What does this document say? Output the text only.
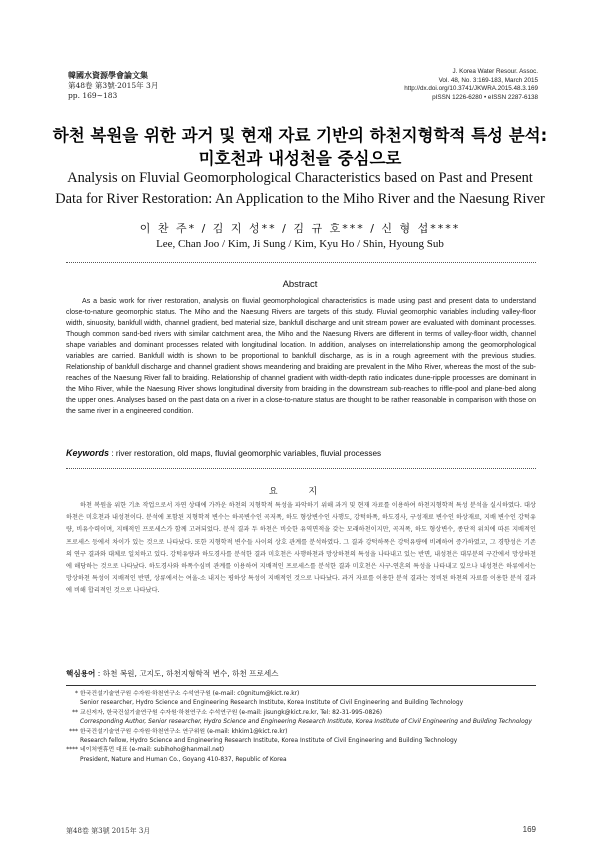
韓國水資源學會論文集
第48卷 第3號·2015年 3月
pp. 169~183
J. Korea Water Resour. Assoc.
Vol. 48, No. 3:169-183, March 2015
http://dx.doi.org/10.3741/JKWRA.2015.48.3.169
pISSN 1226-6280 • eISSN 2287-6138
하천 복원을 위한 과거 및 현재 자료 기반의 하천지형학적 특성 분석:
미호천과 내성천을 중심으로
Analysis on Fluvial Geomorphological Characteristics based on Past and Present
Data for River Restoration: An Application to the Miho River and the Naesung River
이 찬 주* / 김 지 성** / 김 규 호*** / 신 형 섭****
Lee, Chan Joo / Kim, Ji Sung / Kim, Kyu Ho / Shin, Hyoung Sub
Abstract

As a basic work for river restoration, analysis on fluvial geomorphological characteristics is made using past and present data to understand close-to-nature geomorphic status. The Miho and the Naesung Rivers are targets of this study. Fluvial geomorphic variables including valley-floor width, sinuosity, bankfull width, channel gradient, bed material size, bankfull discharge and unit stream power are evaluated with dominant processes. Though common sand-bed rivers with similar catchment area, the Miho and the Naesung Rivers are different in terms of valley-floor width, channel shape variables and dominant processes related with longitudinal location. In addition, analyses on interrelationship among the geomorphological variables are carried. Bankfull width is shown to be proportional to bankfull discharge, as is in a rough agreement with the previous studies. Relationship of bankfull discharge and channel gradient shows meandering and braiding are prevalent in the Miho River, whereas the most of the sub-reaches of the Naesung River fall to braiding. Relationship of channel gradient with width-depth ratio indicates dune-ripple processes are dominant in the Miho River, while the Naesung River shows longitudinal diversity from braiding in the downstream sub-reaches to riffle-pool and plane-bed along the upper ones. Analyses based on the past data on a river in a close-to-nature status are thought to be rather reasonable in comparison with those on the same river in a engineered condition.

Keywords : river restoration, old maps, fluvial geomorphic variables, fluvial processes
요 지

하천 복원을 위한 기초 작업으로서 자연 상태에 가까운 하천의 지형학적 특성을 파악하기 위해 과거 및 현재 자료를 이용하여 하천지형학적 특성 분석을 실시하였다. 대상 하천은 미호천과 내성천이다. 분석에 포함된 지형학적 변수는 하곡변수인 곡저폭, 하도 형상변수인 사행도, 강턱하폭, 하도경사, 구성재료 변수인 하상재료, 지배 변수인 강턱유량, 비유수력이며, 지배적인 프로세스가 함께 고려되었다. 분석 결과 두 하천은 비슷한 유역면적을 갖는 모래하천이지만, 곡저폭, 하도 형상변수, 종단적 위치에 따른 지배적인 프로세스 등에서 차이가 있는 것으로 나타났다. 또한 지형학적 변수들 사이의 상호 관계를 분석하였다. 그 결과 강턱하폭은 강턱유량에 비례하여 증가하였고, 그 경향성은 기존의 연구 결과와 대체로 일치하고 있다. 강턱유량과 하도경사를 분석한 결과 미호천은 사행하천과 망상하천의 특성을 나타내고 있는 반면, 내성천은 대부분의 구간에서 망상하천에 해당하는 것으로 나타났다. 하도경사와 하폭수심비 관계를 이용하여 지배적인 프로세스를 분석한 결과 미호천은 사구-연흔의 특성을 나타내고 있으나 내성천은 하류에서는 망상하천 특성이 지배적인 반면, 상류에서는 여울-소 내지는 평하상 특성이 지배적인 것으로 나타났다. 과거 자료를 이용한 분석 결과는 정비된 하천의 자료를 이용한 분석 결과에 비해 합리적인 것으로 나타났다.

핵심용어 : 하천 복원, 고지도, 하천지형학적 변수, 하천 프로세스
* 한국건설기술연구원 수자원·하천연구소 수석연구원 (e-mail: c0gnitum@kict.re.kr)
Senior researcher, Hydro Science and Engineering Research Institute, Korea Institute of Civil Engineering and Building Technology
** 교신저자, 한국건설기술연구원 수자원·하천연구소 수석연구원 (e-mail: jisungk@kict.re.kr, Tel: 82-31-995-0826)
Corresponding Author, Senior researcher, Hydro Science and Engineering Research Institute, Korea Institute of Civil Engineering and Building Technology
*** 한국건설기술연구원 수자원·하천연구소 연구위원 (e-mail: khkim1@kict.re.kr)
Research fellow, Hydro Science and Engineering Research Institute, Korea Institute of Civil Engineering and Building Technology
**** 네이처앤휴먼 대표 (e-mail: subihoho@hanmail.net)
President, Nature and Human Co., Goyang 410-837, Republic of Korea
第48卷 第3號 2015年 3月	169
